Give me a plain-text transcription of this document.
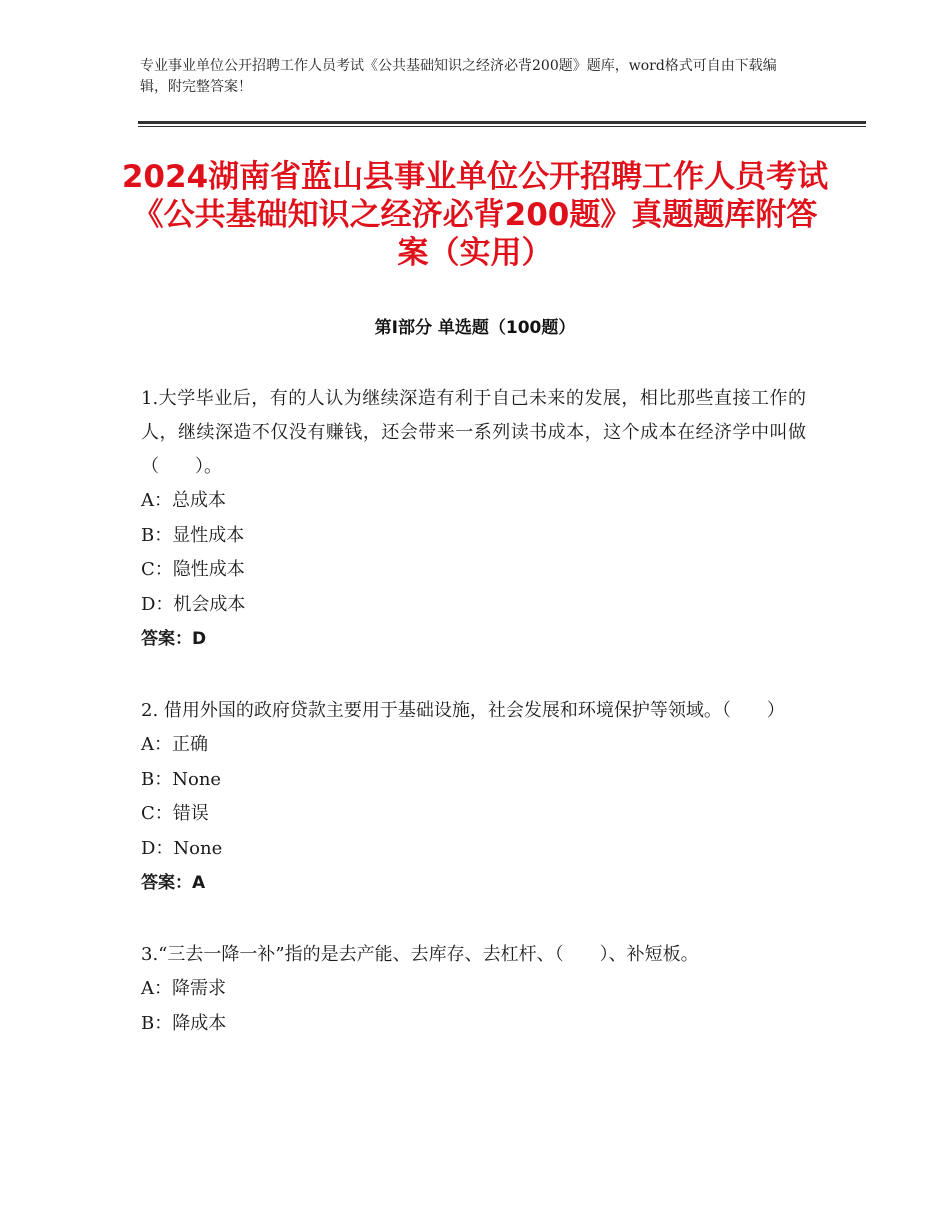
专业事业单位公开招聘工作人员考试《公共基础知识之经济必背200题》题库，word格式可自由下载编辑，附完整答案！
2024湖南省蓝山县事业单位公开招聘工作人员考试《公共基础知识之经济必背200题》真题题库附答案（实用）
第Ⅰ部分 单选题（100题）

1.大学毕业后，有的人认为继续深造有利于自己未来的发展，相比那些直接工作的人，继续深造不仅没有赚钱，还会带来一系列读书成本，这个成本在经济学中叫做（　　）。

A：总成本
B：显性成本
C：隐性成本
D：机会成本
答案：D

2. 借用外国的政府贷款主要用于基础设施，社会发展和环境保护等领域。（　　）

A：正确
B：None
C：错误
D：None
答案：A

3.“三去一降一补”指的是去产能、去库存、去杠杆、（　　）、补短板。

A：降需求
B：降成本
